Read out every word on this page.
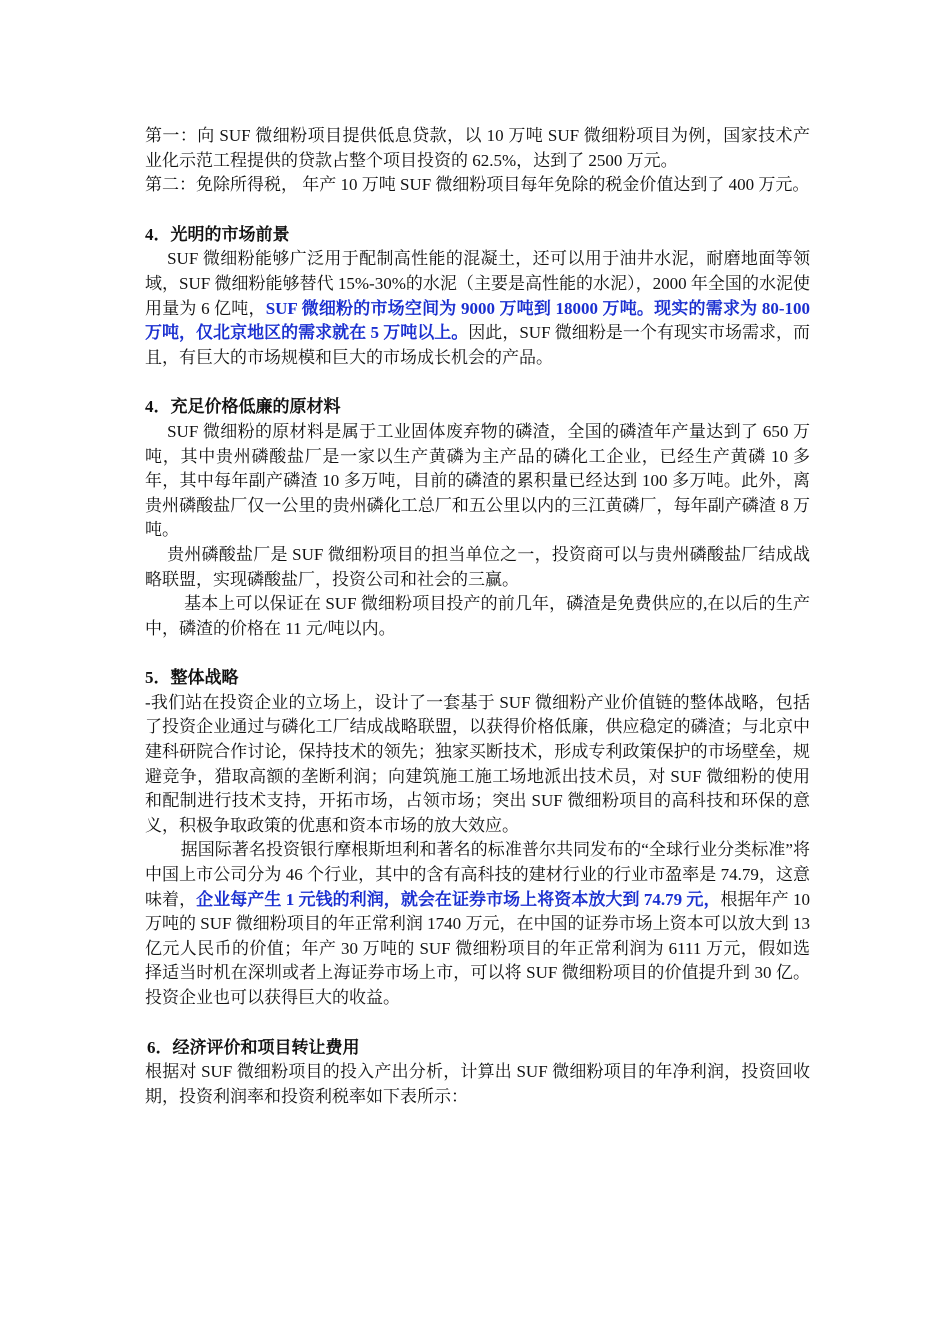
第一：向 SUF 微细粉项目提供低息贷款，以 10 万吨 SUF 微细粉项目为例，国家技术产业化示范工程提供的贷款占整个项目投资的 62.5%，达到了 2500 万元。

第二：免除所得税， 年产 10 万吨 SUF 微细粉项目每年免除的税金价值达到了 400 万元。

4．光明的市场前景

SUF 微细粉能够广泛用于配制高性能的混凝土，还可以用于油井水泥，耐磨地面等领域，SUF 微细粉能够替代 15%-30%的水泥（主要是高性能的水泥），2000 年全国的水泥使用量为 6 亿吨，SUF 微细粉的市场空间为 9000 万吨到 18000 万吨。现实的需求为 80-100 万吨，仅北京地区的需求就在 5 万吨以上。因此，SUF 微细粉是一个有现实市场需求，而且，有巨大的市场规模和巨大的市场成长机会的产品。

4．充足价格低廉的原材料

SUF 微细粉的原材料是属于工业固体废弃物的磷渣，全国的磷渣年产量达到了 650 万吨，其中贵州磷酸盐厂是一家以生产黄磷为主产品的磷化工企业，已经生产黄磷 10 多年，其中每年副产磷渣 10 多万吨，目前的磷渣的累积量已经达到 100 多万吨。此外，离贵州磷酸盐厂仅一公里的贵州磷化工总厂和五公里以内的三江黄磷厂，每年副产磷渣 8 万吨。

贵州磷酸盐厂是 SUF 微细粉项目的担当单位之一，投资商可以与贵州磷酸盐厂结成战略联盟，实现磷酸盐厂，投资公司和社会的三赢。

基本上可以保证在 SUF 微细粉项目投产的前几年，磷渣是免费供应的,在以后的生产中，磷渣的价格在 11 元/吨以内。

5．整体战略

-我们站在投资企业的立场上，设计了一套基于 SUF 微细粉产业价值链的整体战略，包括了投资企业通过与磷化工厂结成战略联盟，以获得价格低廉，供应稳定的磷渣；与北京中建科研院合作讨论，保持技术的领先；独家买断技术，形成专利政策保护的市场壁垒，规避竞争，猎取高额的垄断利润；向建筑施工施工场地派出技术员，对 SUF 微细粉的使用和配制进行技术支持，开拓市场，占领市场；突出 SUF 微细粉项目的高科技和环保的意义，积极争取政策的优惠和资本市场的放大效应。

据国际著名投资银行摩根斯坦利和著名的标准普尔共同发布的“全球行业分类标准”将中国上市公司分为 46 个行业，其中的含有高科技的建材行业的行业市盈率是 74.79，这意味着，企业每产生 1 元钱的利润，就会在证券市场上将资本放大到 74.79 元，根据年产 10 万吨的 SUF 微细粉项目的年正常利润 1740 万元，在中国的证券市场上资本可以放大到 13 亿元人民币的价值；年产 30 万吨的 SUF 微细粉项目的年正常利润为 6111 万元，假如选择适当时机在深圳或者上海证券市场上市，可以将 SUF 微细粉项目的价值提升到 30 亿。投资企业也可以获得巨大的收益。

6．经济评价和项目转让费用

根据对 SUF 微细粉项目的投入产出分析，计算出 SUF 微细粉项目的年净利润，投资回收期，投资利润率和投资利税率如下表所示：
